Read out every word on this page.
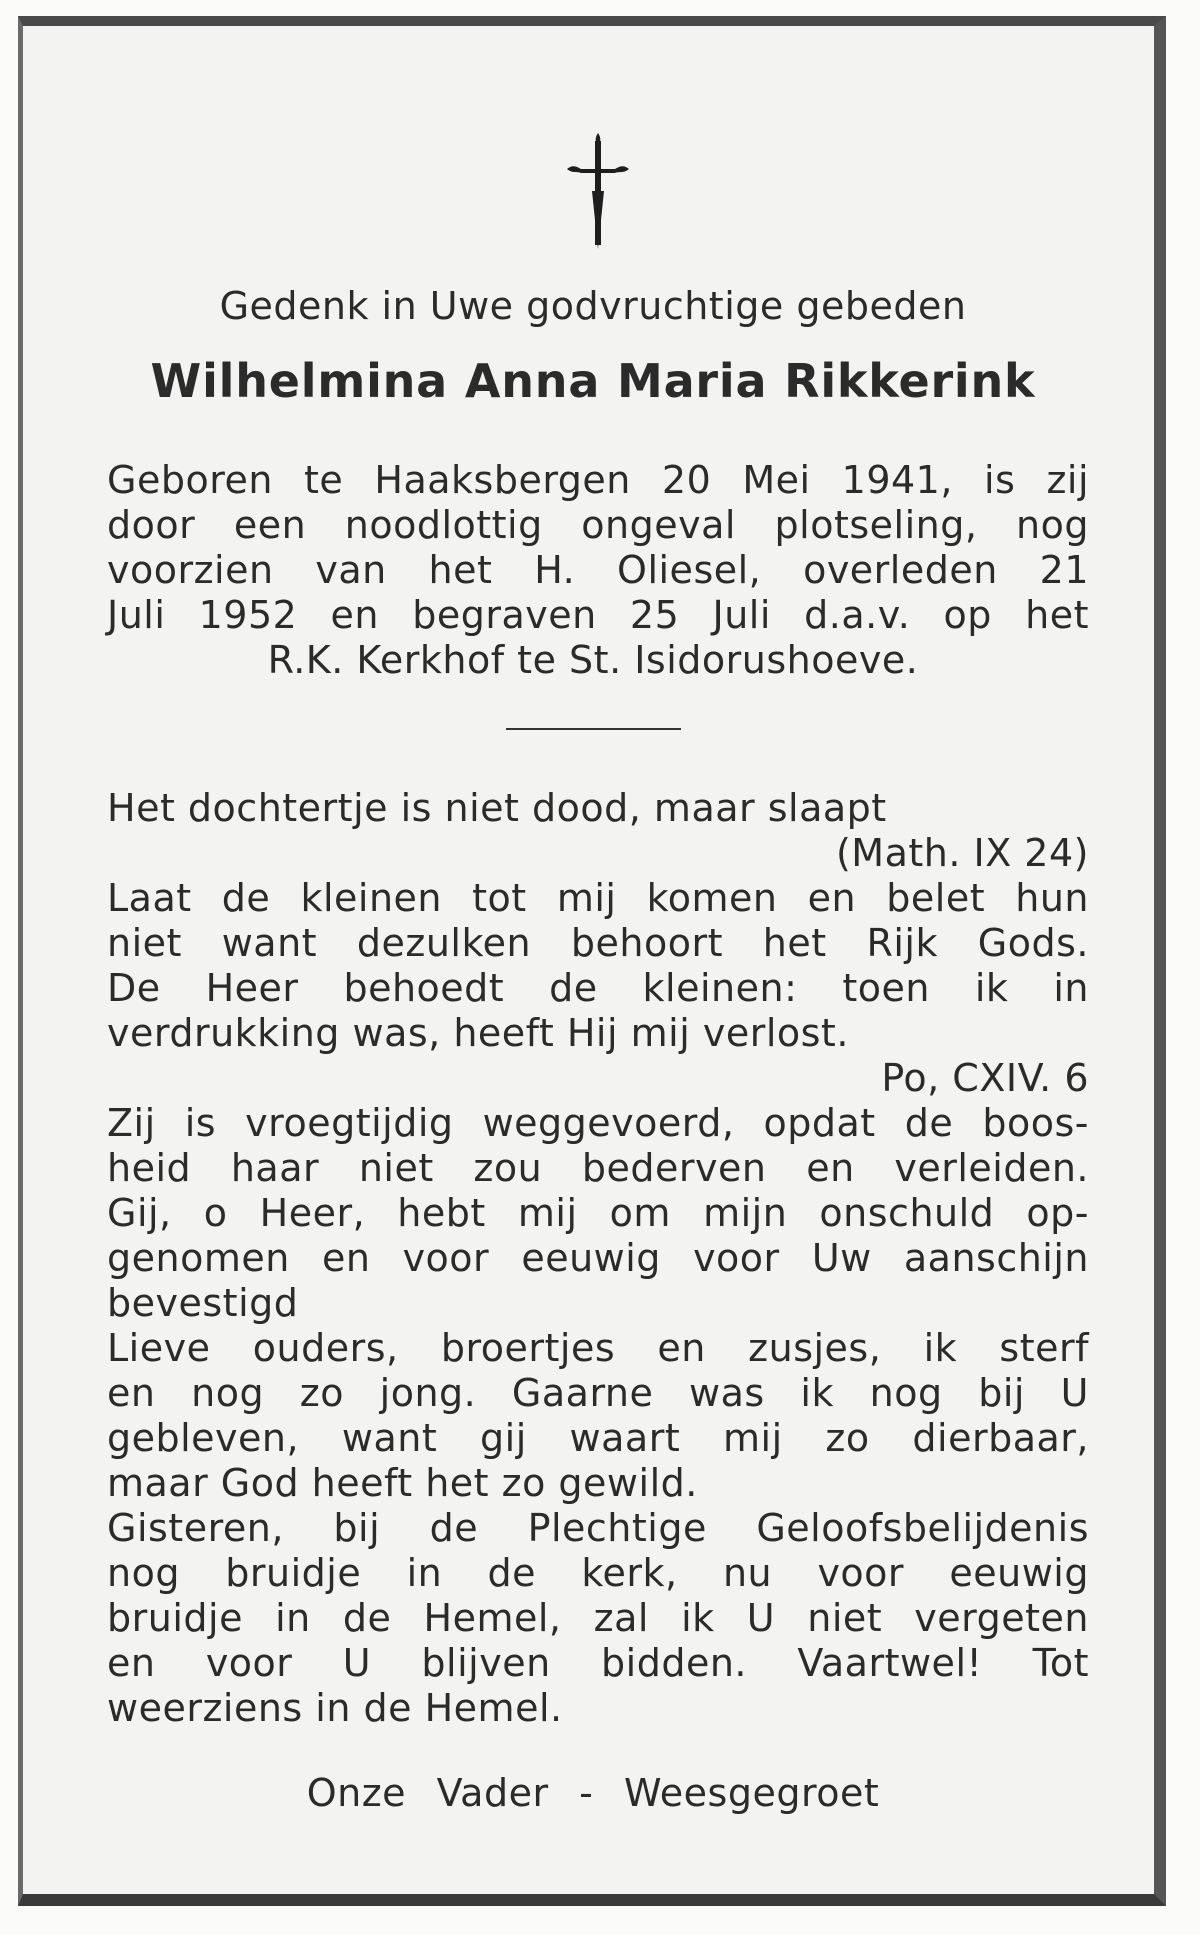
Gedenk in Uwe godvruchtige gebeden
Wilhelmina Anna Maria Rikkerink
Geboren te Haaksbergen 20 Mei 1941, is zij
door een noodlottig ongeval plotseling, nog
voorzien van het H. Oliesel, overleden 21
Juli 1952 en begraven 25 Juli d.a.v. op het
R.K. Kerkhof te St. Isidorushoeve.
Het dochtertje is niet dood, maar slaapt
(Math. IX 24)
Laat de kleinen tot mij komen en belet hun
niet want dezulken behoort het Rijk Gods.
De Heer behoedt de kleinen: toen ik in
verdrukking was, heeft Hij mij verlost.
Po, CXIV. 6
Zij is vroegtijdig weggevoerd, opdat de boos-
heid haar niet zou bederven en verleiden.
Gij, o Heer, hebt mij om mijn onschuld op-
genomen en voor eeuwig voor Uw aanschijn
bevestigd
Lieve ouders, broertjes en zusjes, ik sterf
en nog zo jong. Gaarne was ik nog bij U
gebleven, want gij waart mij zo dierbaar,
maar God heeft het zo gewild.
Gisteren, bij de Plechtige Geloofsbelijdenis
nog bruidje in de kerk, nu voor eeuwig
bruidje in de Hemel, zal ik U niet vergeten
en voor U blijven bidden. Vaartwel! Tot
weerziens in de Hemel.
Onze Vader - Weesgegroet
